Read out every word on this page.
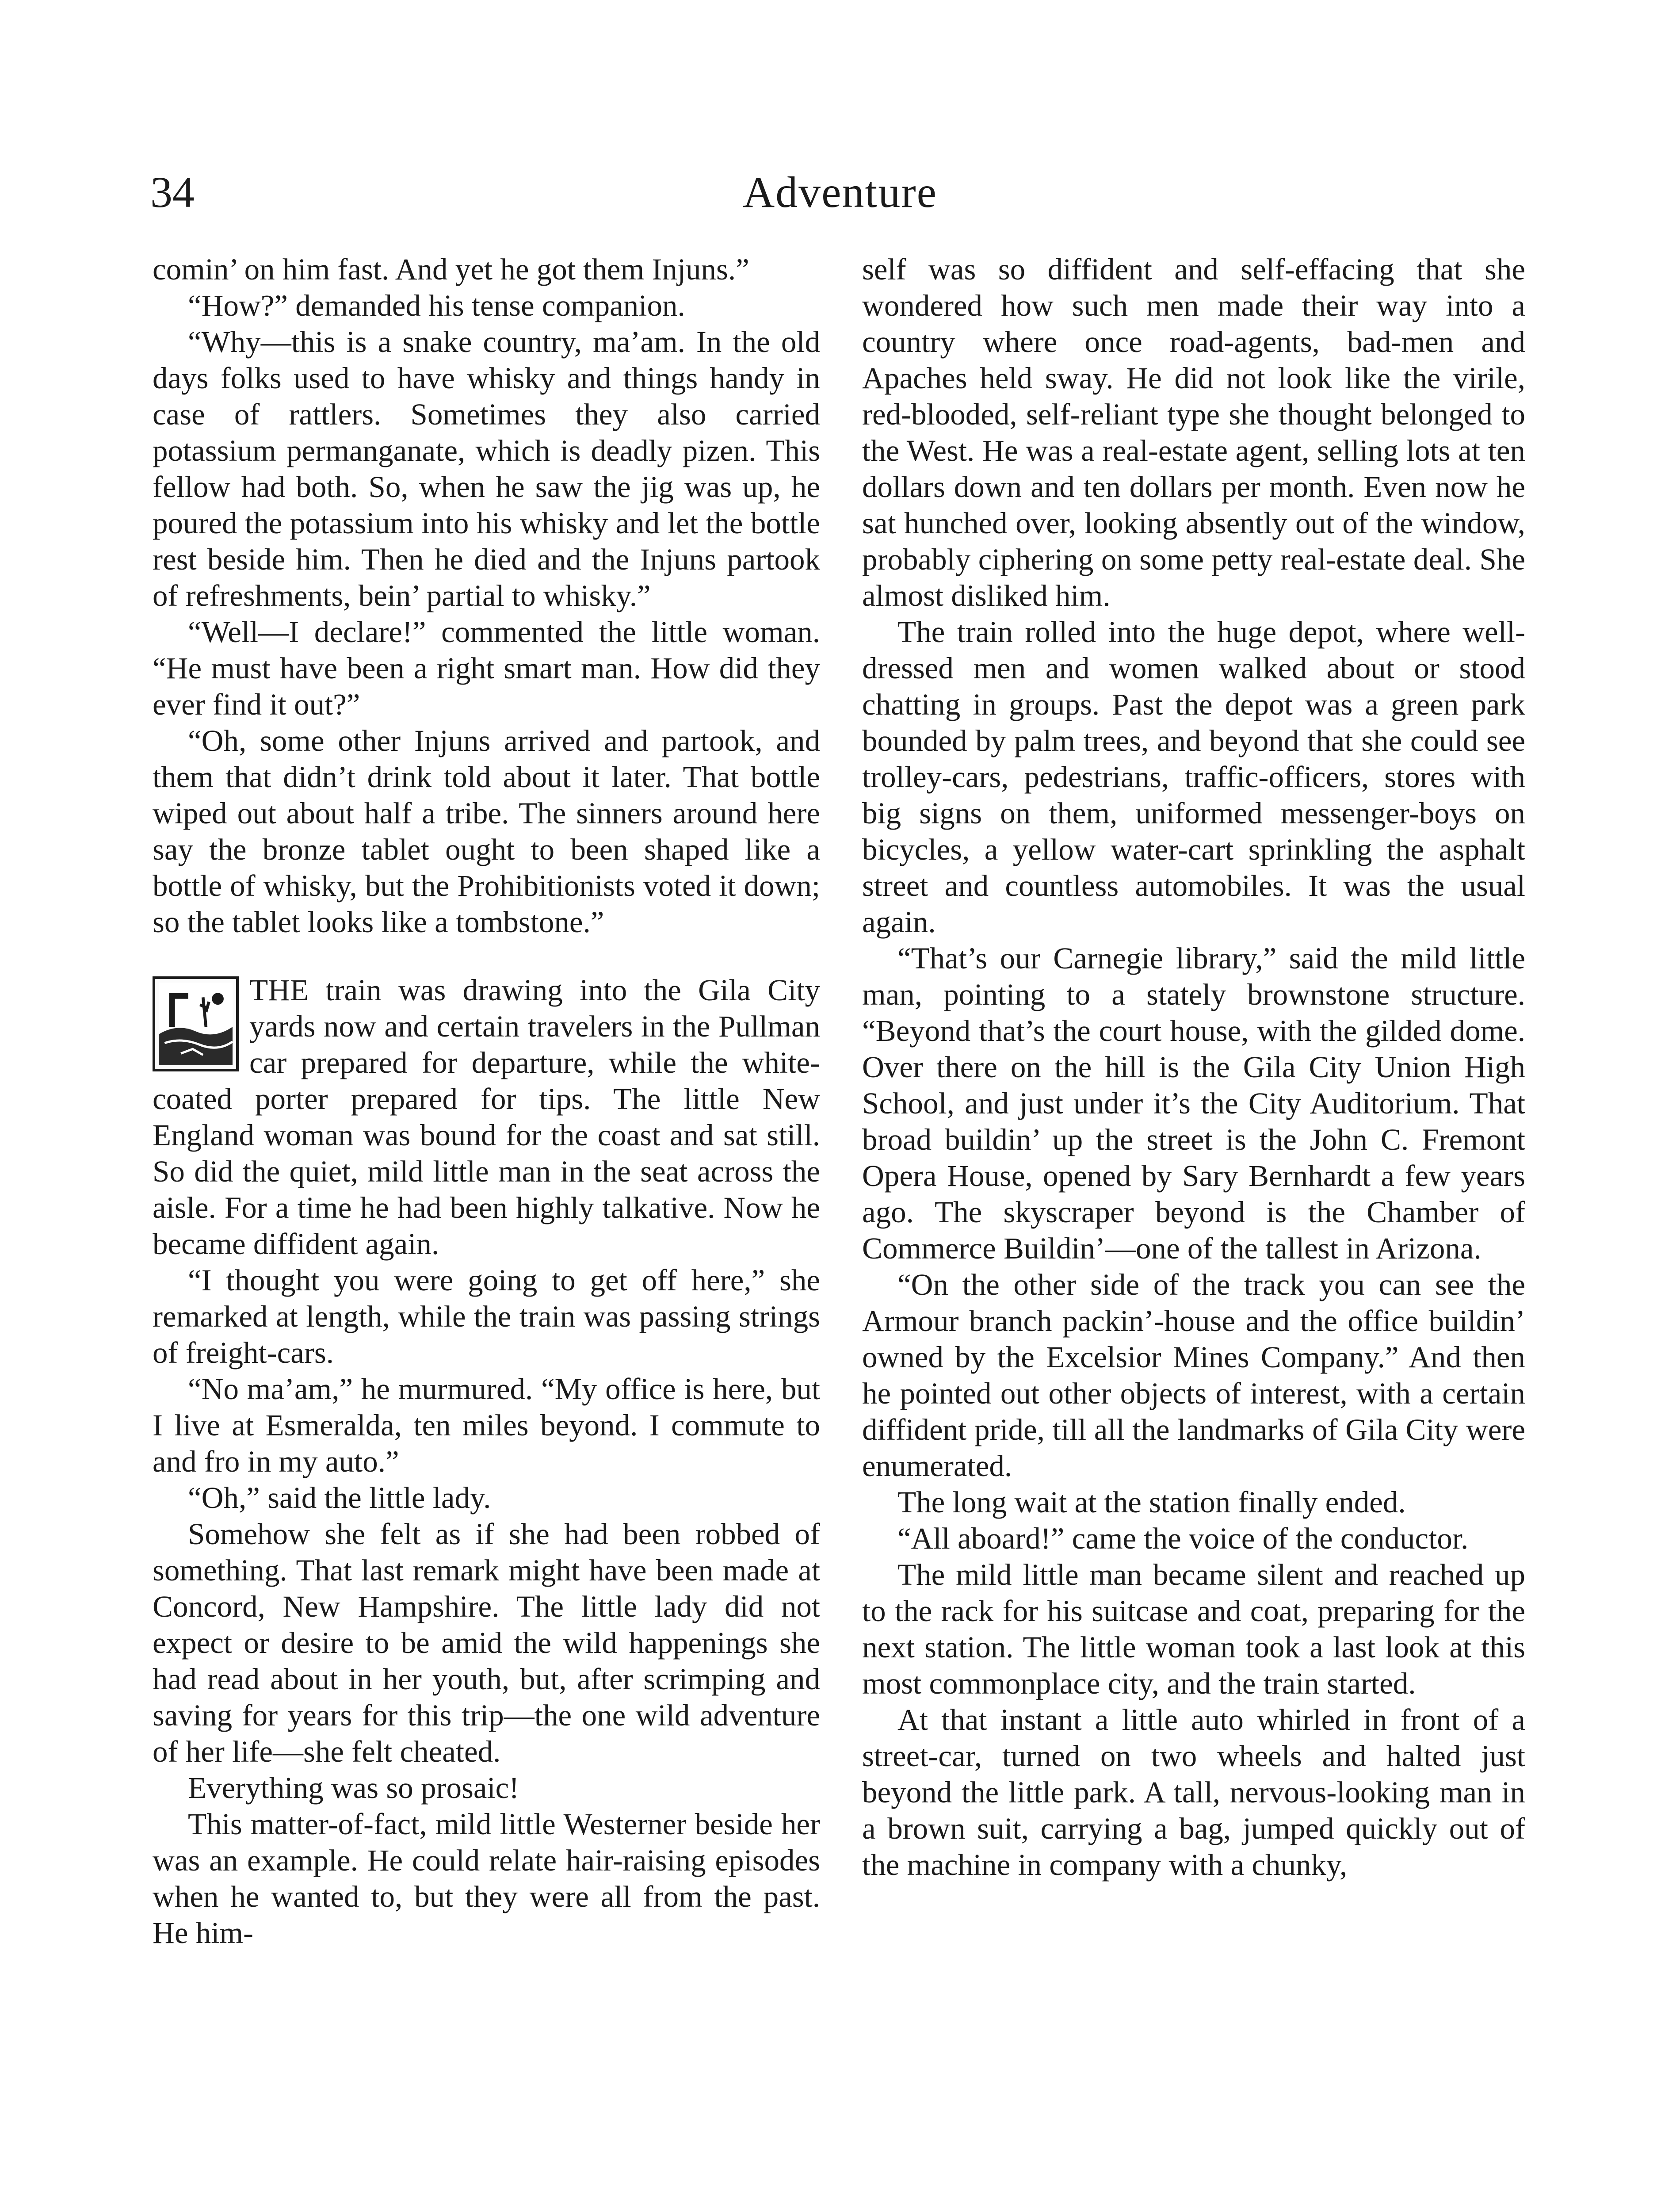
34	Adventure

comin’ on him fast. And yet he got them Injuns.”

“How?” demanded his tense companion.

“Why—this is a snake country, ma’am. In the old days folks used to have whisky and things handy in case of rattlers. Sometimes they also carried potassium permanganate, which is deadly pizen. This fellow had both. So, when he saw the jig was up, he poured the potassium into his whisky and let the bottle rest beside him. Then he died and the Injuns partook of refreshments, bein’ partial to whisky.”

“Well—I declare!” commented the little woman. “He must have been a right smart man. How did they ever find it out?”

“Oh, some other Injuns arrived and partook, and them that didn’t drink told about it later. That bottle wiped out about half a tribe. The sinners around here say the bronze tablet ought to been shaped like a bottle of whisky, but the Prohibitionists voted it down; so the tablet looks like a tombstone.”

THE train was drawing into the Gila City yards now and certain travelers in the Pullman car prepared for departure, while the white-coated porter prepared for tips. The little New England woman was bound for the coast and sat still. So did the quiet, mild little man in the seat across the aisle. For a time he had been highly talkative. Now he became diffident again.

“I thought you were going to get off here,” she remarked at length, while the train was passing strings of freight-cars.

“No ma’am,” he murmured. “My office is here, but I live at Esmeralda, ten miles beyond. I commute to and fro in my auto.”

“Oh,” said the little lady.

Somehow she felt as if she had been robbed of something. That last remark might have been made at Concord, New Hampshire. The little lady did not expect or desire to be amid the wild happenings she had read about in her youth, but, after scrimping and saving for years for this trip—the one wild adventure of her life—she felt cheated.

Everything was so prosaic!

This matter-of-fact, mild little Westerner beside her was an example. He could relate hair-raising episodes when he wanted to, but they were all from the past. He him-

self was so diffident and self-effacing that she wondered how such men made their way into a country where once road-agents, bad-men and Apaches held sway. He did not look like the virile, red-blooded, self-reliant type she thought belonged to the West. He was a real-estate agent, selling lots at ten dollars down and ten dollars per month. Even now he sat hunched over, looking absently out of the window, probably ciphering on some petty real-estate deal. She almost disliked him.

The train rolled into the huge depot, where well-dressed men and women walked about or stood chatting in groups. Past the depot was a green park bounded by palm trees, and beyond that she could see trolley-cars, pedestrians, traffic-officers, stores with big signs on them, uniformed messenger-boys on bicycles, a yellow water-cart sprinkling the asphalt street and countless automobiles. It was the usual again.

“That’s our Carnegie library,” said the mild little man, pointing to a stately brownstone structure. “Beyond that’s the court house, with the gilded dome. Over there on the hill is the Gila City Union High School, and just under it’s the City Auditorium. That broad buildin’ up the street is the John C. Fremont Opera House, opened by Sary Bernhardt a few years ago. The skyscraper beyond is the Chamber of Commerce Buildin’—one of the tallest in Arizona.

“On the other side of the track you can see the Armour branch packin’-house and the office buildin’ owned by the Excelsior Mines Company.” And then he pointed out other objects of interest, with a certain diffident pride, till all the landmarks of Gila City were enumerated.

The long wait at the station finally ended.

“All aboard!” came the voice of the conductor.

The mild little man became silent and reached up to the rack for his suitcase and coat, preparing for the next station. The little woman took a last look at this most commonplace city, and the train started.

At that instant a little auto whirled in front of a street-car, turned on two wheels and halted just beyond the little park. A tall, nervous-looking man in a brown suit, carrying a bag, jumped quickly out of the machine in company with a chunky,
